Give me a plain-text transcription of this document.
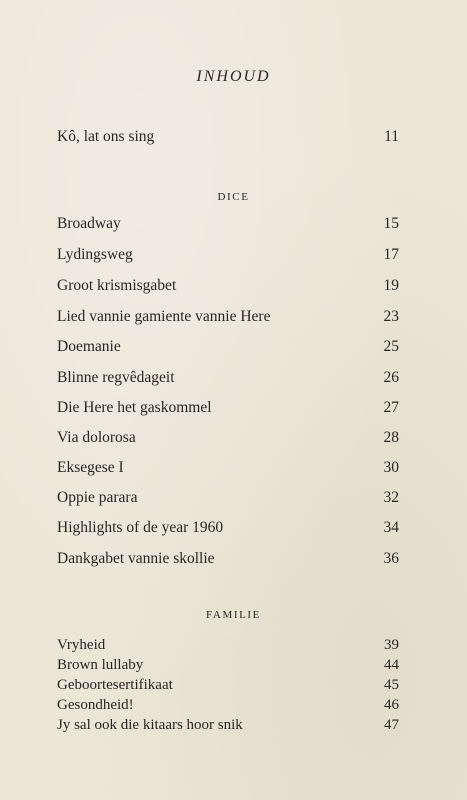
INHOUD
Kô, lat ons sing	11
DICE
Broadway	15
Lydingsweg	17
Groot krismisgabet	19
Lied vannie gamiente vannie Here	23
Doemanie	25
Blinne regvêdageit	26
Die Here het gaskommel	27
Via dolorosa	28
Eksegese I	30
Oppie parara	32
Highlights of de year 1960	34
Dankgabet vannie skollie	36
FAMILIE
Vryheid	39
Brown lullaby	44
Geboortesertifikaat	45
Gesondheid!	46
Jy sal ook die kitaars hoor snik	47
